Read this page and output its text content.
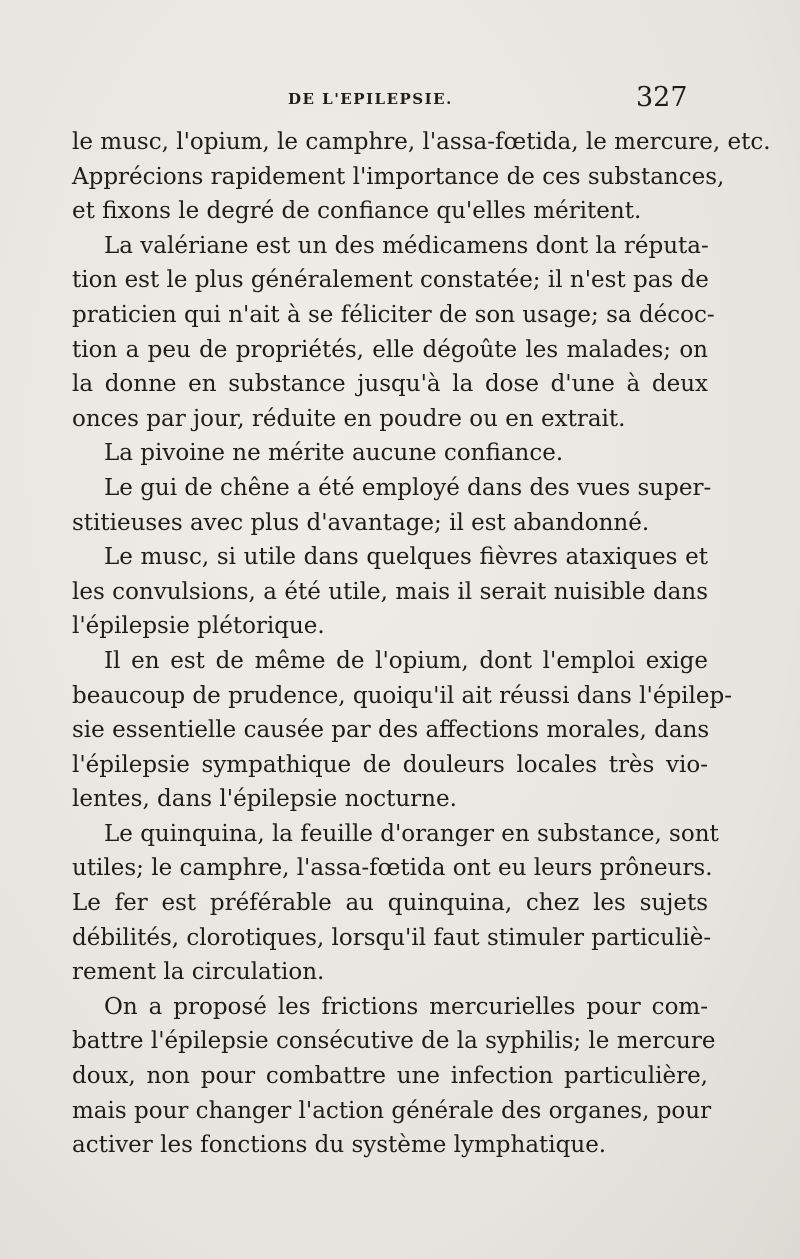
DE L'EPILEPSIE.	327
le musc, l'opium, le camphre, l'assa-fœtida, le mercure, etc.
Apprécions rapidement l'importance de ces substances,
et fixons le degré de confiance qu'elles méritent.
La valériane est un des médicamens dont la réputa-
tion est le plus généralement constatée; il n'est pas de
praticien qui n'ait à se féliciter de son usage; sa décoc-
tion a peu de propriétés, elle dégoûte les malades; on
la donne en substance jusqu'à la dose d'une à deux
onces par jour, réduite en poudre ou en extrait.
La pivoine ne mérite aucune confiance.
Le gui de chêne a été employé dans des vues super-
stitieuses avec plus d'avantage; il est abandonné.
Le musc, si utile dans quelques fièvres ataxiques et
les convulsions, a été utile, mais il serait nuisible dans
l'épilepsie plétorique.
Il en est de même de l'opium, dont l'emploi exige
beaucoup de prudence, quoiqu'il ait réussi dans l'épilep-
sie essentielle causée par des affections morales, dans
l'épilepsie sympathique de douleurs locales très vio-
lentes, dans l'épilepsie nocturne.
Le quinquina, la feuille d'oranger en substance, sont
utiles; le camphre, l'assa-fœtida ont eu leurs prôneurs.
Le fer est préférable au quinquina, chez les sujets
débilités, clorotiques, lorsqu'il faut stimuler particuliè-
rement la circulation.
On a proposé les frictions mercurielles pour com-
battre l'épilepsie consécutive de la syphilis; le mercure
doux, non pour combattre une infection particulière,
mais pour changer l'action générale des organes, pour
activer les fonctions du système lymphatique.
